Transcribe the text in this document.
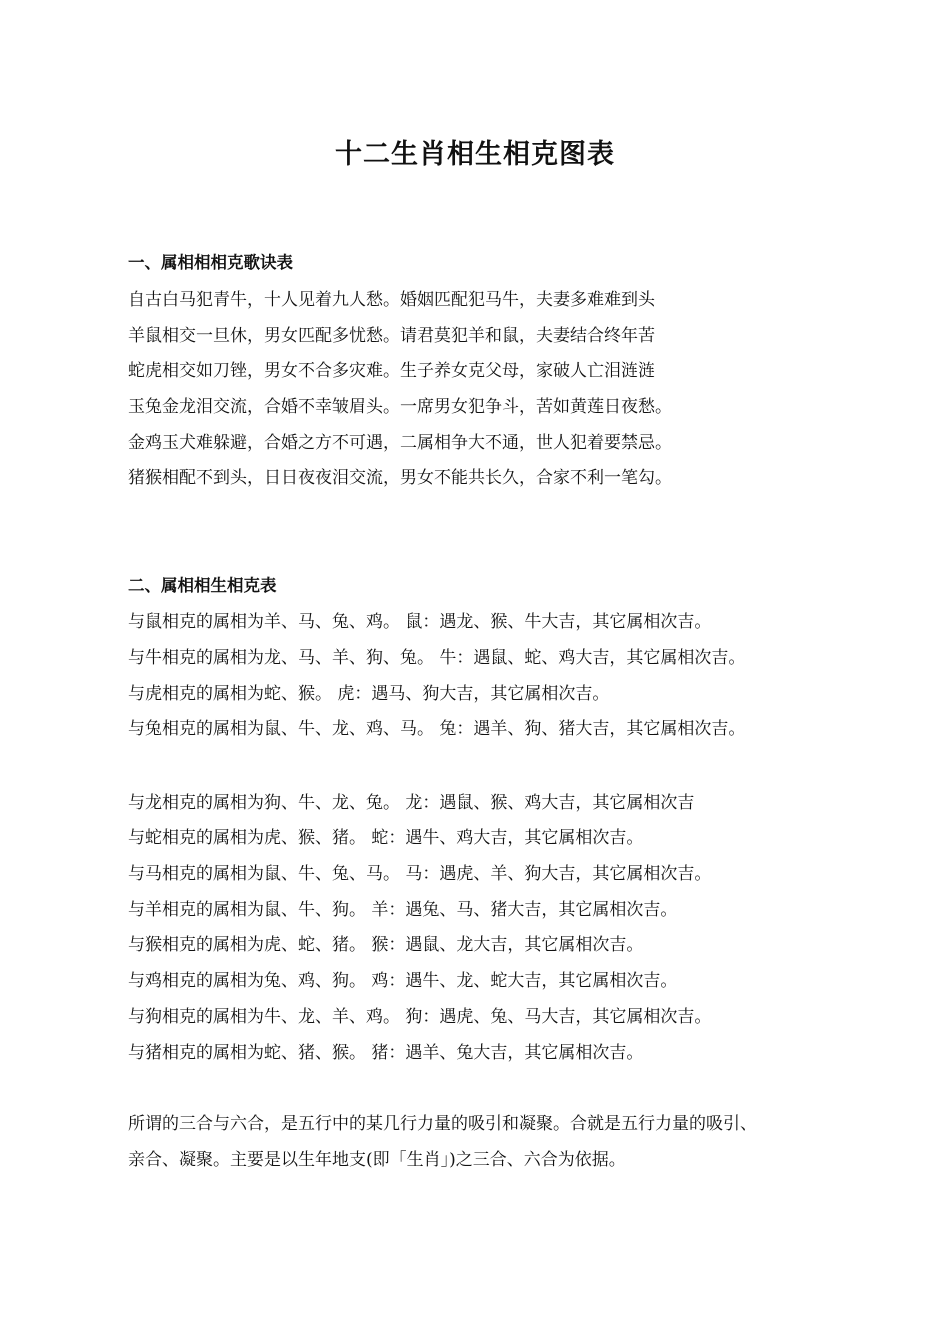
十二生肖相生相克图表
一、属相相相克歌诀表
自古白马犯青牛，十人见着九人愁。婚姻匹配犯马牛，夫妻多难难到头
羊鼠相交一旦休，男女匹配多忧愁。请君莫犯羊和鼠，夫妻结合终年苦
蛇虎相交如刀锉，男女不合多灾难。生子养女克父母，家破人亡泪涟涟
玉兔金龙泪交流，合婚不幸皱眉头。一席男女犯争斗，苦如黄莲日夜愁。
金鸡玉犬难躲避，合婚之方不可遇，二属相争大不通，世人犯着要禁忌。
猪猴相配不到头，日日夜夜泪交流，男女不能共长久，合家不利一笔勾。
二、属相相生相克表
与鼠相克的属相为羊、马、兔、鸡。 鼠：遇龙、猴、牛大吉，其它属相次吉。
与牛相克的属相为龙、马、羊、狗、兔。 牛：遇鼠、蛇、鸡大吉，其它属相次吉。
与虎相克的属相为蛇、猴。 虎：遇马、狗大吉，其它属相次吉。
与兔相克的属相为鼠、牛、龙、鸡、马。 兔：遇羊、狗、猪大吉，其它属相次吉。
与龙相克的属相为狗、牛、龙、兔。 龙：遇鼠、猴、鸡大吉，其它属相次吉
与蛇相克的属相为虎、猴、猪。 蛇：遇牛、鸡大吉，其它属相次吉。
与马相克的属相为鼠、牛、兔、马。 马：遇虎、羊、狗大吉，其它属相次吉。
与羊相克的属相为鼠、牛、狗。 羊：遇兔、马、猪大吉，其它属相次吉。
与猴相克的属相为虎、蛇、猪。 猴：遇鼠、龙大吉，其它属相次吉。
与鸡相克的属相为兔、鸡、狗。 鸡：遇牛、龙、蛇大吉，其它属相次吉。
与狗相克的属相为牛、龙、羊、鸡。 狗：遇虎、兔、马大吉，其它属相次吉。
与猪相克的属相为蛇、猪、猴。 猪：遇羊、兔大吉，其它属相次吉。
所谓的三合与六合，是五行中的某几行力量的吸引和凝聚。合就是五行力量的吸引、
亲合、凝聚。主要是以生年地支(即「生肖」)之三合、六合为依据。
